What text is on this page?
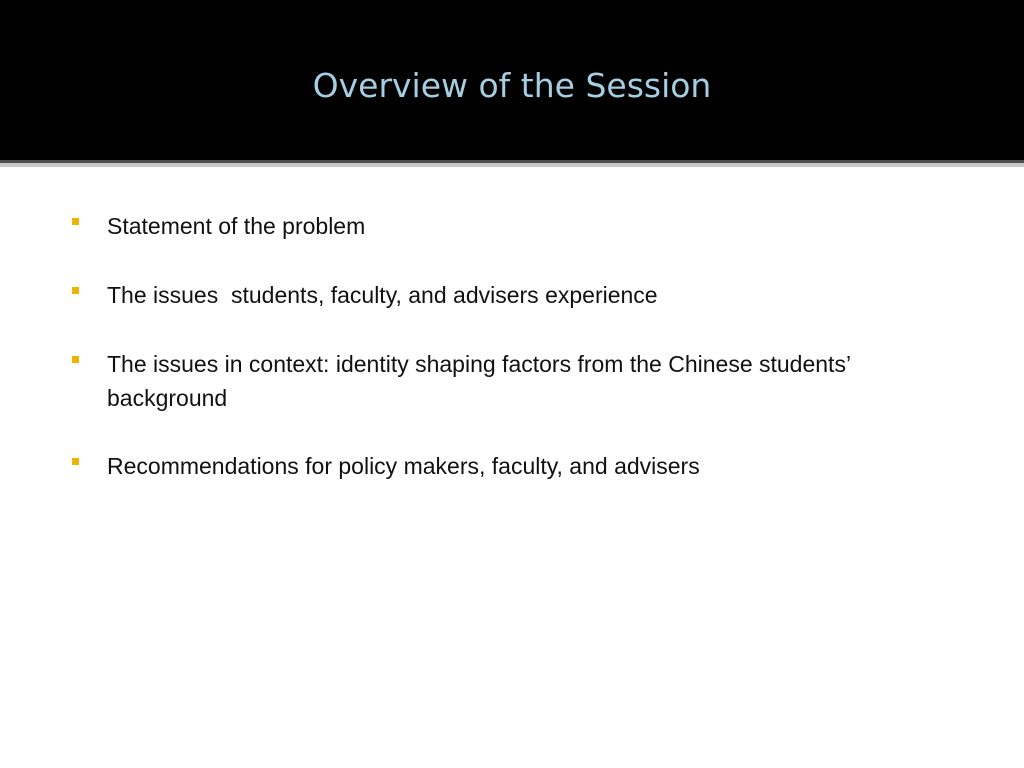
Overview of the Session
Statement of the problem
The issues  students, faculty, and advisers experience
The issues in context: identity shaping factors from the Chinese students’
background
Recommendations for policy makers, faculty, and advisers
